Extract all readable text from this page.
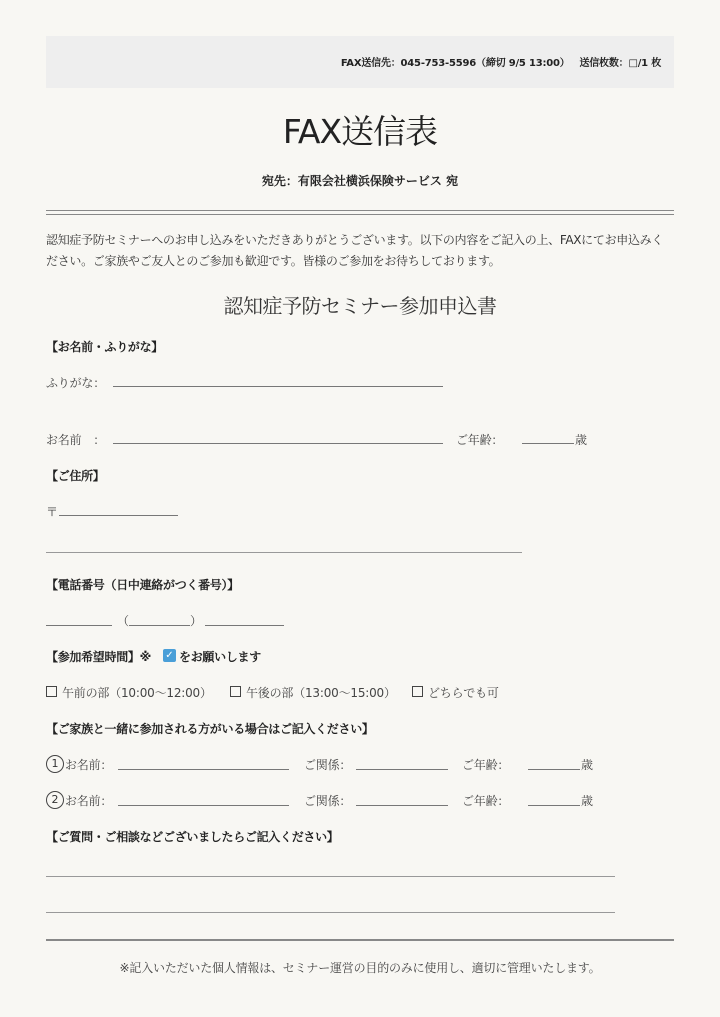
FAX送信先：045-753-5596（締切 9/5 13:00） 送信枚数：□/1 枚
FAX送信表
宛先：有限会社横浜保険サービス 宛
認知症予防セミナーへのお申し込みをいただきありがとうございます。以下の内容をご記入の上、FAXにてお申込みください。ご家族やご友人とのご参加も歓迎です。皆様のご参加をお待ちしております。
認知症予防セミナー参加申込書
【お名前・ふりがな】
ふりがな：
お名前　：	ご年齢：	歳
【ご住所】
〒
【電話番号（日中連絡がつく番号）】
（	）
【参加希望時間】※ ✓ をお願いします
午前の部（10:00〜12:00）	午後の部（13:00〜15:00）	どちらでも可
【ご家族と一緒に参加される方がいる場合はご記入ください】
1 お名前：	ご関係：	ご年齢：	歳
2 お名前：	ご関係：	ご年齢：	歳
【ご質問・ご相談などございましたらご記入ください】
※記入いただいた個人情報は、セミナー運営の目的のみに使用し、適切に管理いたします。
